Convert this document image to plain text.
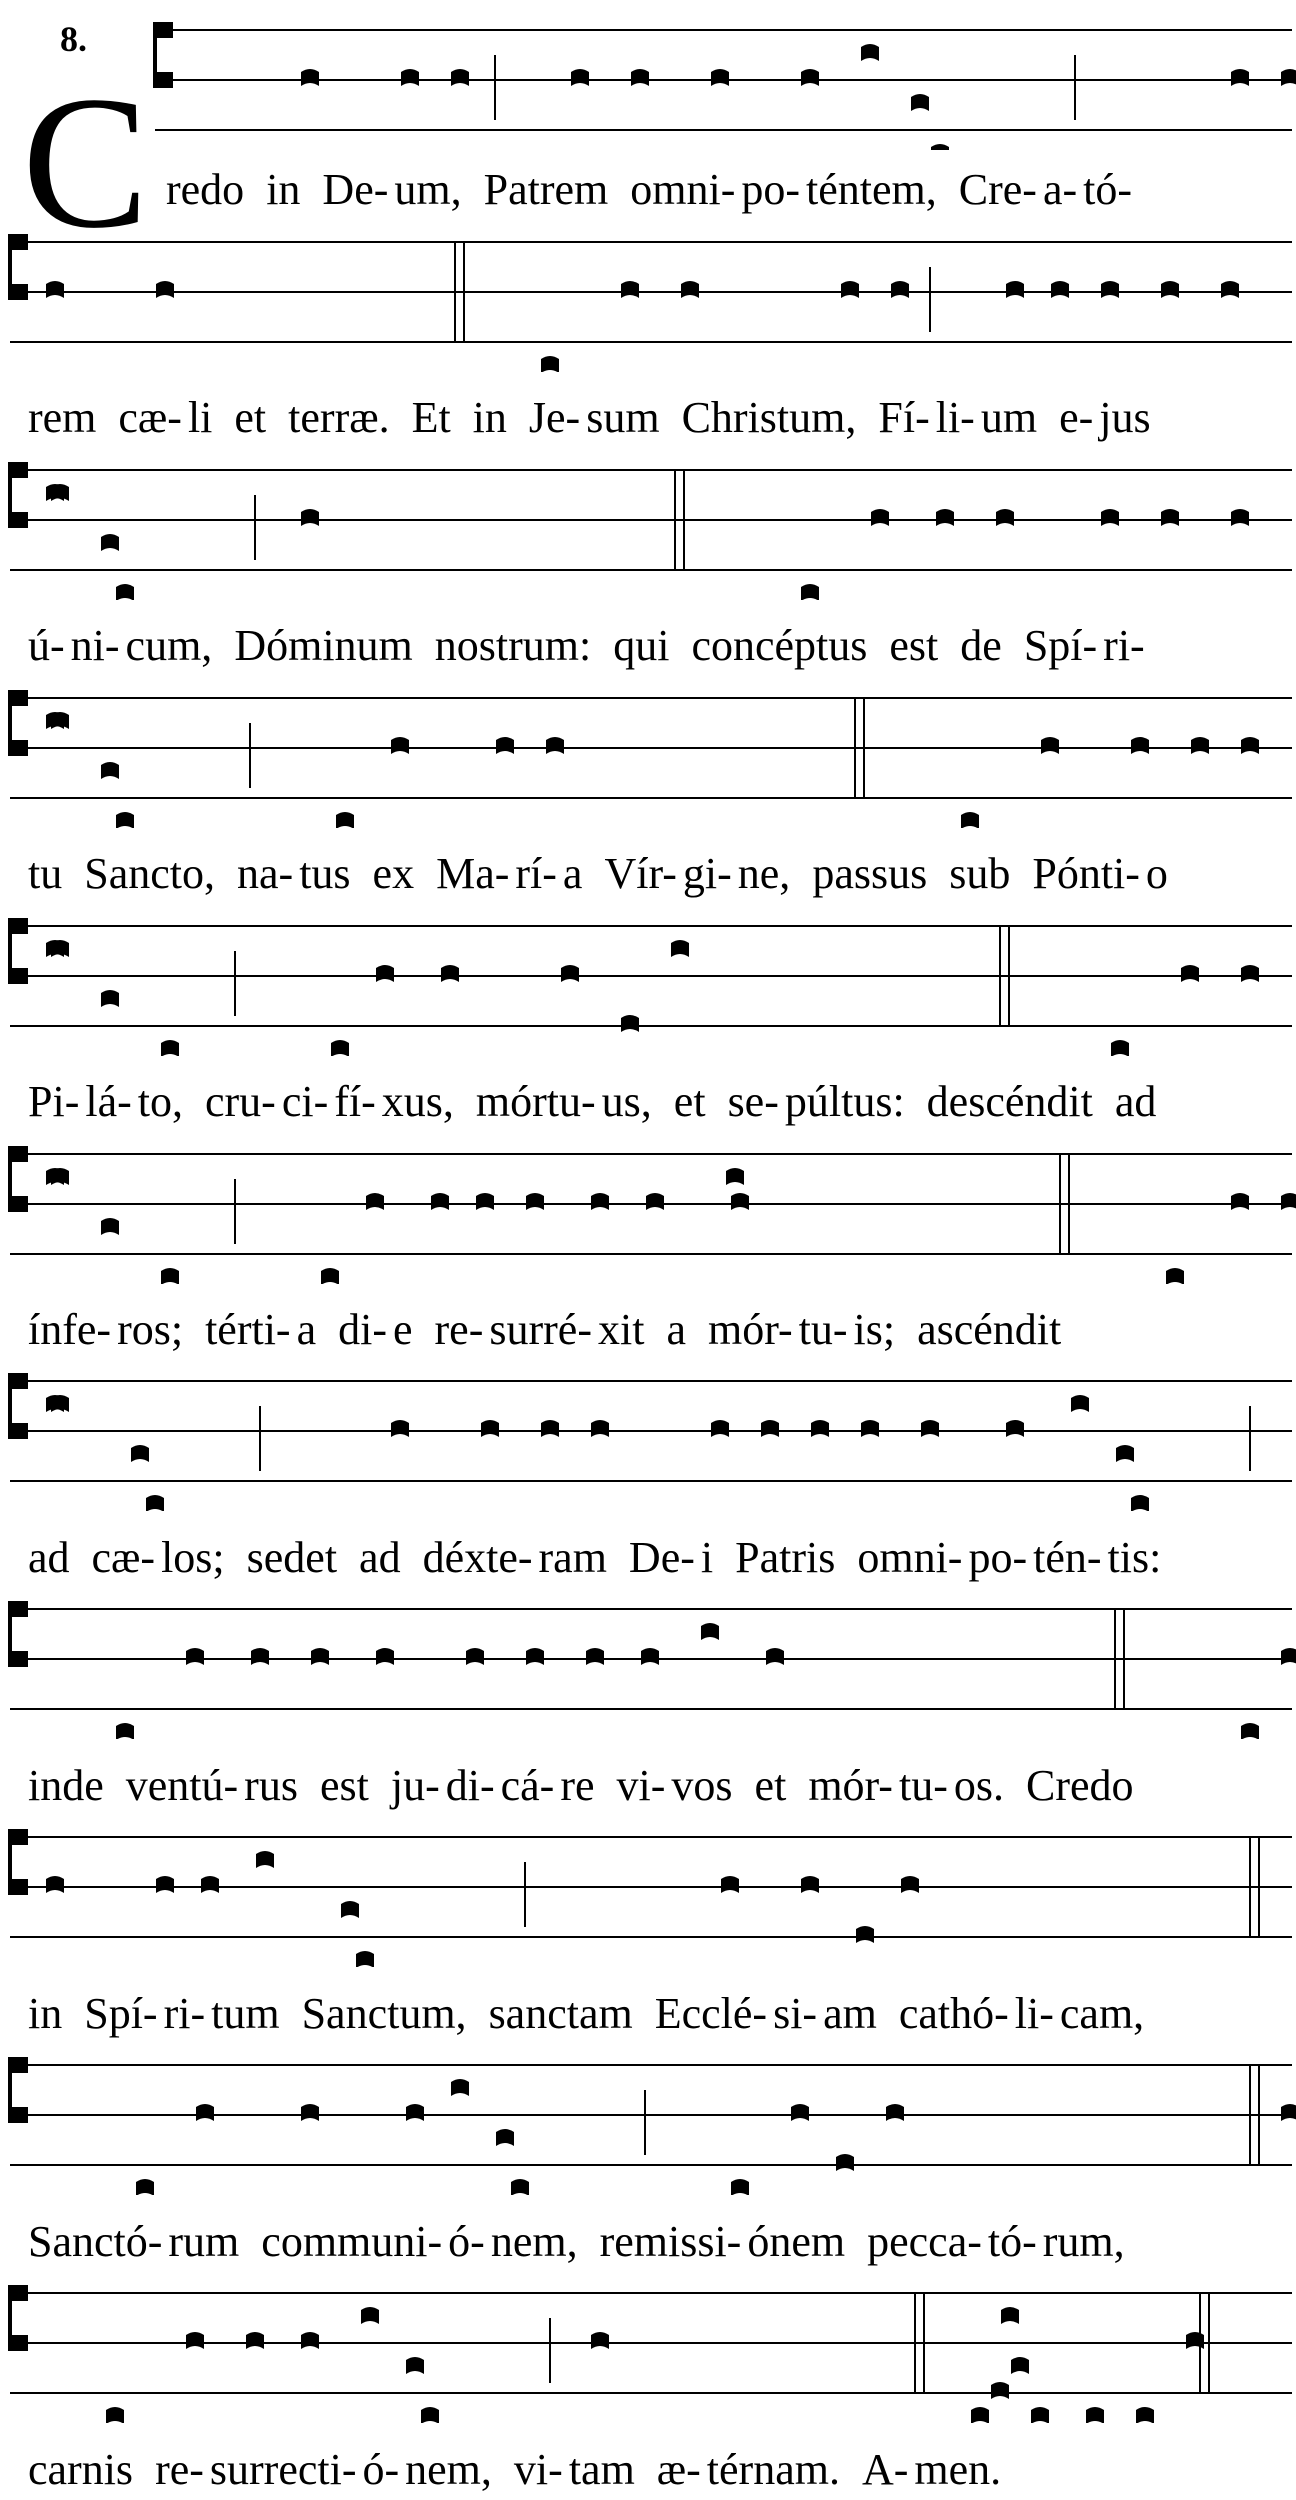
8.
C redo in De- um, Patrem omni- po- téntem, Cre- a- tó-
rem cæ- li et terræ. Et in Je- sum Christum, Fí- li- um e- jus
ú- ni- cum, Dóminum nostrum: qui concéptus est de Spí- ri-
tu Sancto, na- tus ex Ma- rí- a Vír- gi- ne, passus sub Pónti- o
Pi- lá- to, cru- ci- fí- xus, mórtu- us, et se- púltus: descéndit ad
ínfe- ros; térti- a di- e re- surré- xit a mór- tu- is; ascéndit
ad cæ- los; sedet ad déxte- ram De- i Patris omni- po- tén- tis:
inde ventú- rus est ju- di- cá- re vi- vos et mór- tu- os. Credo
in Spí- ri- tum Sanctum, sanctam Ecclé- si- am cathó- li- cam,
Sanctó- rum communi- ó- nem, remissi- ónem pecca- tó- rum,
carnis re- surrecti- ó- nem, vi- tam æ- térnam. A- men.
